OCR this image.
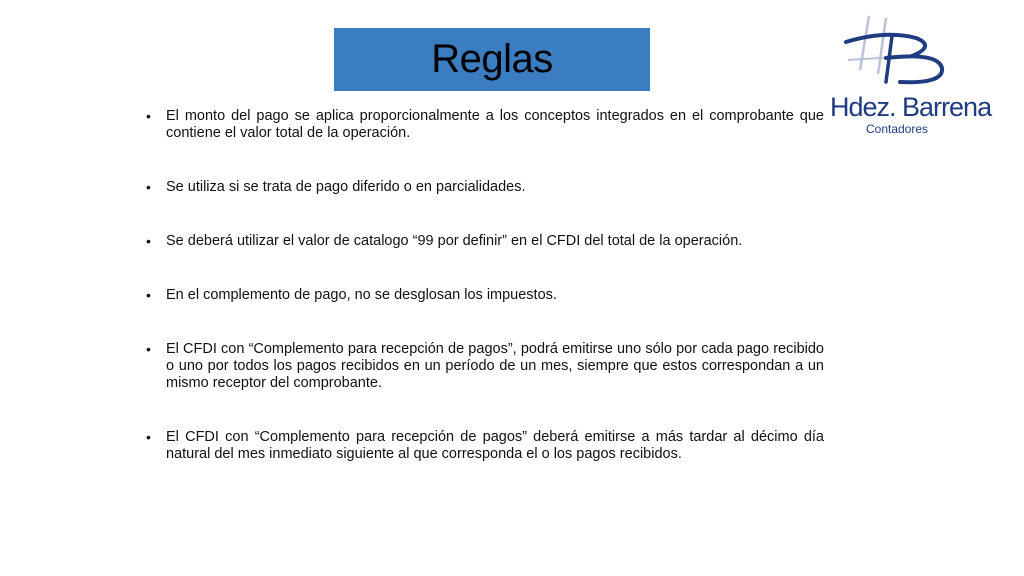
Reglas
Hdez. Barrena
Contadores
• El monto del pago se aplica proporcionalmente a los conceptos integrados en el comprobante que contiene el valor total de la operación.
• Se utiliza si se trata de pago diferido o en parcialidades.
• Se deberá utilizar el valor de catalogo “99 por definir” en el CFDI del total de la operación.
• En el complemento de pago, no se desglosan los impuestos.
• El CFDI con “Complemento para recepción de pagos”, podrá emitirse uno sólo por cada pago recibido o uno por todos los pagos recibidos en un período de un mes, siempre que estos correspondan a un mismo receptor del comprobante.
• El CFDI con “Complemento para recepción de pagos” deberá emitirse a más tardar al décimo día natural del mes inmediato siguiente al que corresponda el o los pagos recibidos.
